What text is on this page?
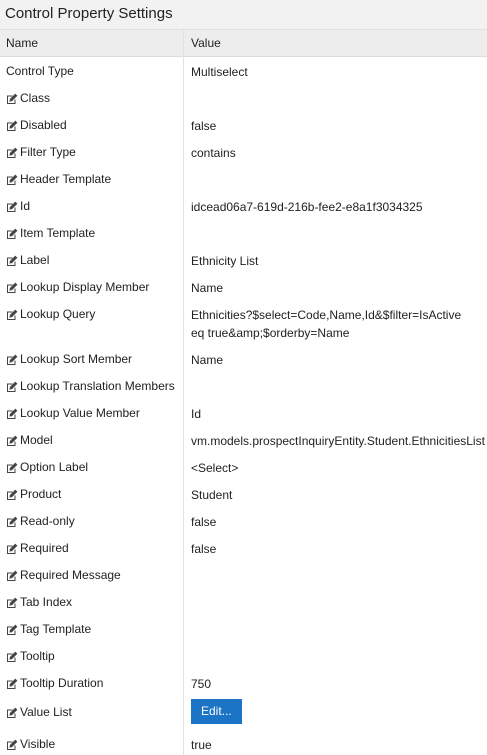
Control Property Settings
Name	Value
Control Type	Multiselect
Class
Disabled	false
Filter Type	contains
Header Template
Id	idcead06a7-619d-216b-fee2-e8a1f3034325
Item Template
Label	Ethnicity List
Lookup Display Member	Name
Lookup Query	Ethnicities?$select=Code,Name,Id&$filter=IsActive eq true&amp;$orderby=Name
Lookup Sort Member	Name
Lookup Translation Members
Lookup Value Member	Id
Model	vm.models.prospectInquiryEntity.Student.EthnicitiesList
Option Label	<Select>
Product	Student
Read-only	false
Required	false
Required Message
Tab Index
Tag Template
Tooltip
Tooltip Duration	750
Value List	Edit...
Visible	true
